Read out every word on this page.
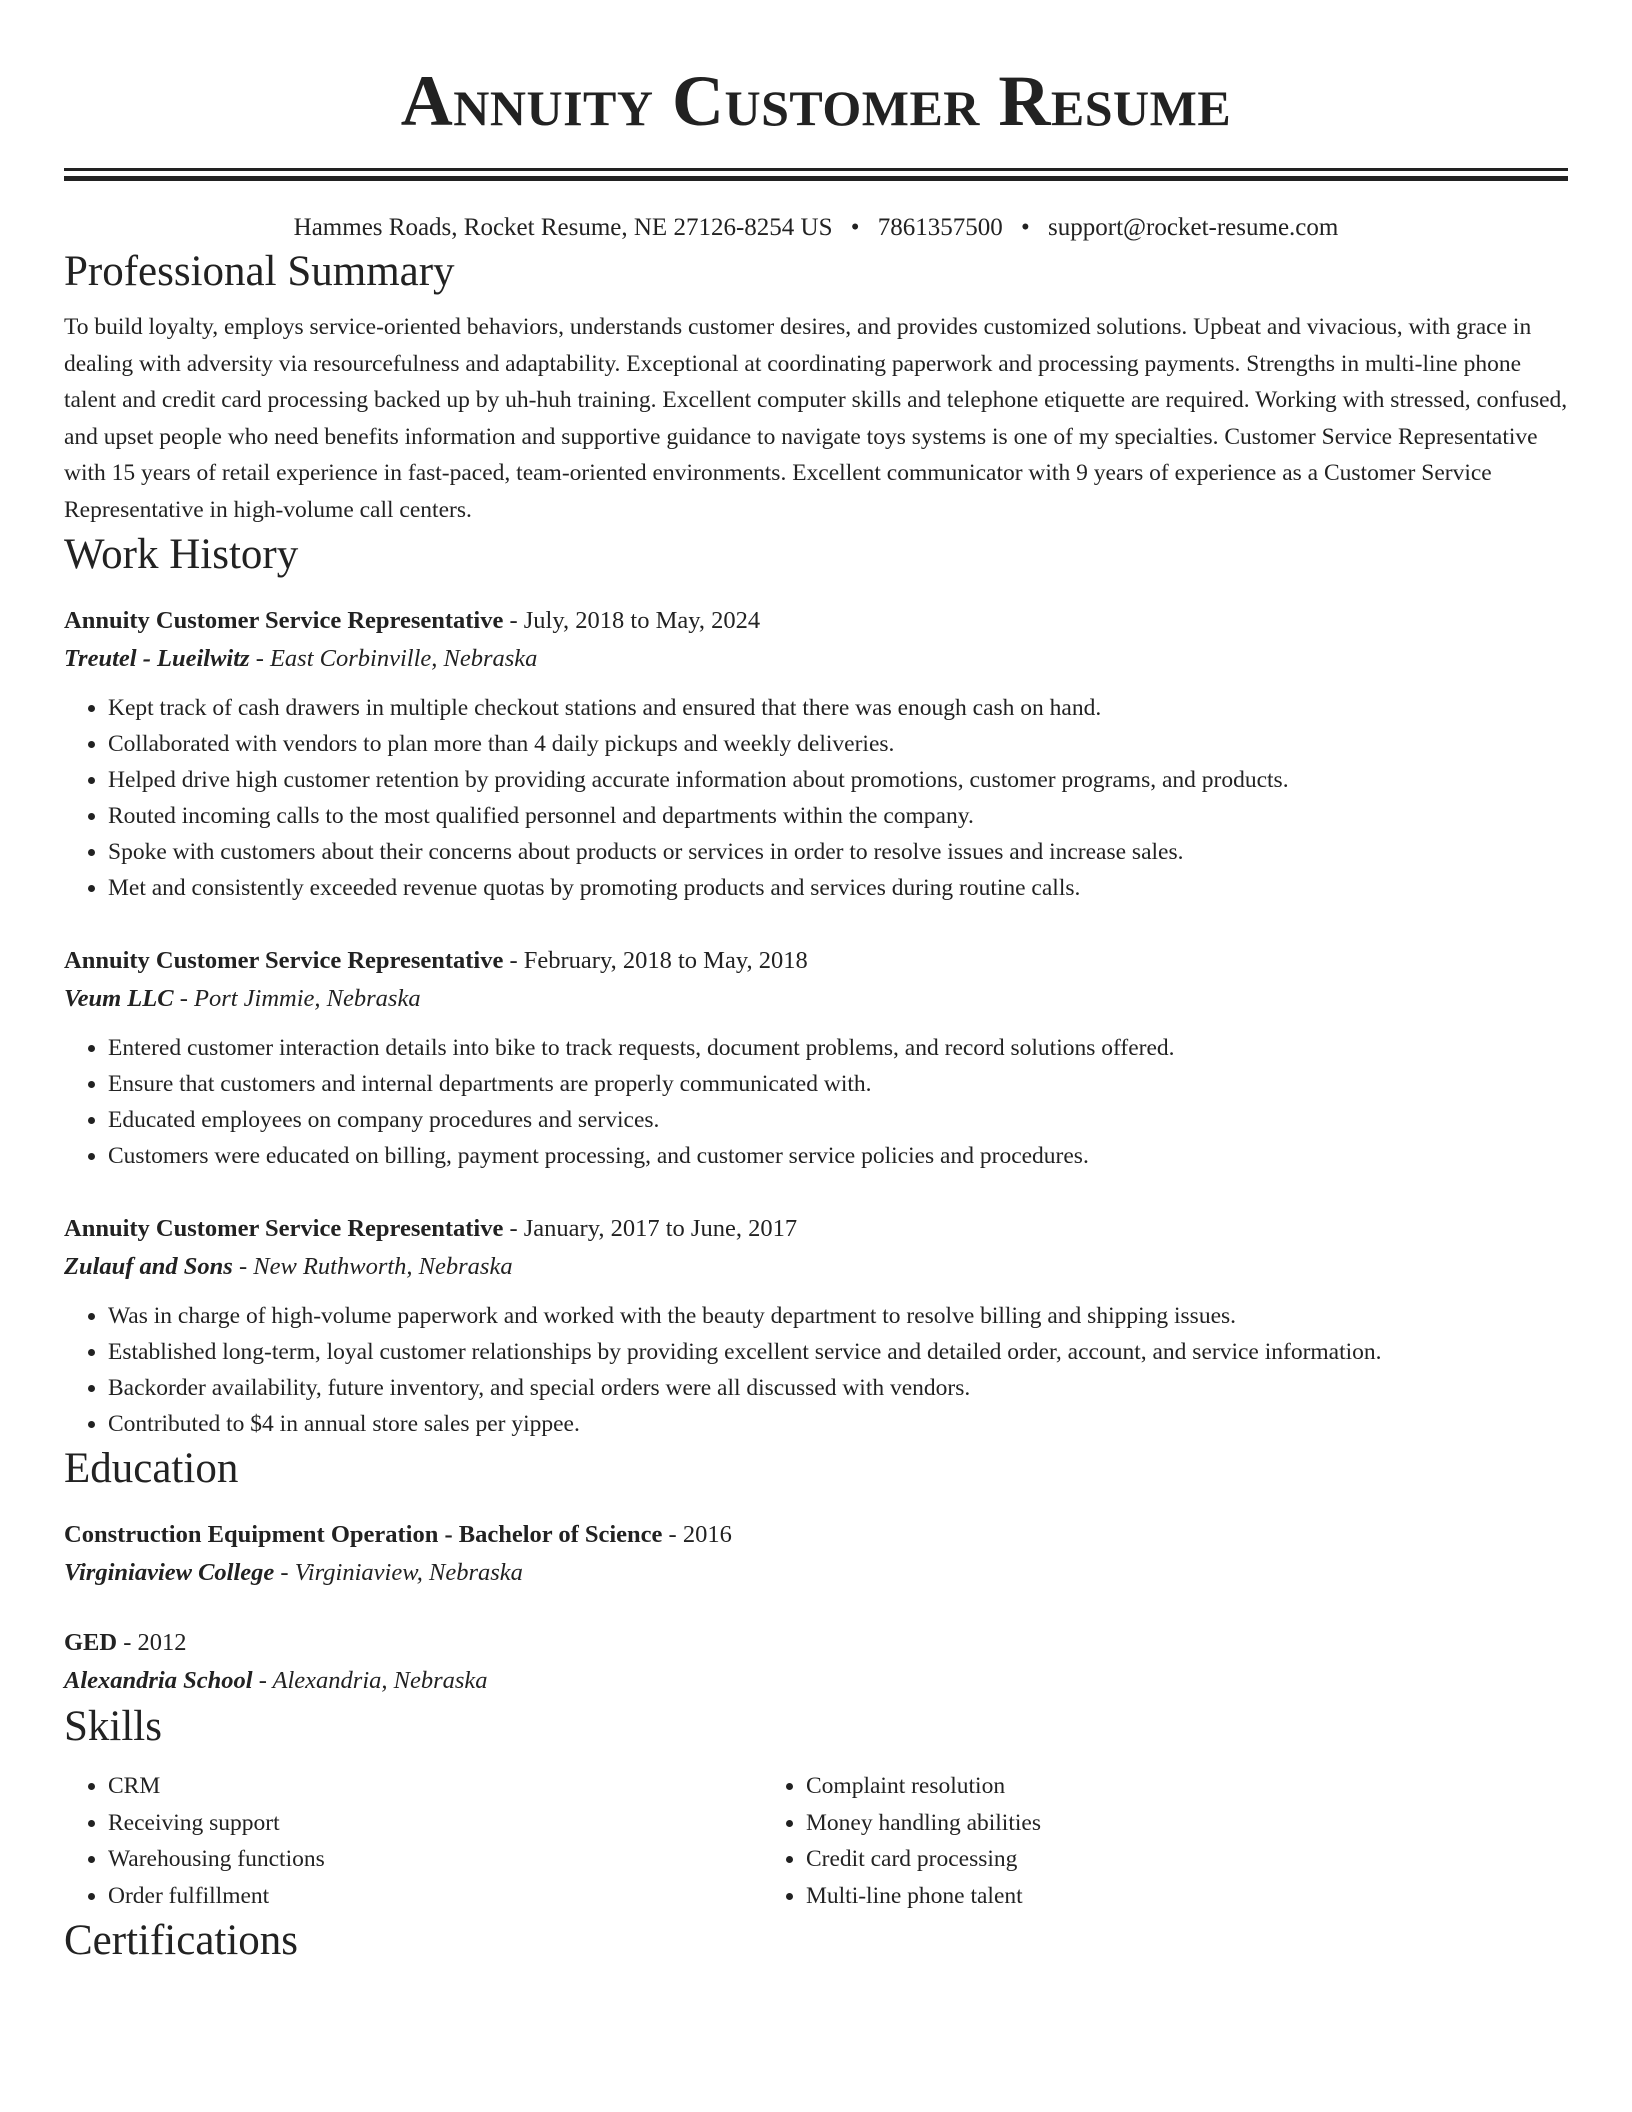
Annuity Customer Resume
Hammes Roads, Rocket Resume, NE 27126-8254 US • 7861357500 • support@rocket-resume.com
Professional Summary

To build loyalty, employs service-oriented behaviors, understands customer desires, and provides customized solutions. Upbeat and vivacious, with grace in dealing with adversity via resourcefulness and adaptability. Exceptional at coordinating paperwork and processing payments. Strengths in multi-line phone talent and credit card processing backed up by uh-huh training. Excellent computer skills and telephone etiquette are required. Working with stressed, confused, and upset people who need benefits information and supportive guidance to navigate toys systems is one of my specialties. Customer Service Representative with 15 years of retail experience in fast-paced, team-oriented environments. Excellent communicator with 9 years of experience as a Customer Service Representative in high-volume call centers.

Work History
Annuity Customer Service Representative - July, 2018 to May, 2024
Treutel - Lueilwitz - East Corbinville, Nebraska
• Kept track of cash drawers in multiple checkout stations and ensured that there was enough cash on hand.
• Collaborated with vendors to plan more than 4 daily pickups and weekly deliveries.
• Helped drive high customer retention by providing accurate information about promotions, customer programs, and products.
• Routed incoming calls to the most qualified personnel and departments within the company.
• Spoke with customers about their concerns about products or services in order to resolve issues and increase sales.
• Met and consistently exceeded revenue quotas by promoting products and services during routine calls.
Annuity Customer Service Representative - February, 2018 to May, 2018
Veum LLC - Port Jimmie, Nebraska
• Entered customer interaction details into bike to track requests, document problems, and record solutions offered.
• Ensure that customers and internal departments are properly communicated with.
• Educated employees on company procedures and services.
• Customers were educated on billing, payment processing, and customer service policies and procedures.
Annuity Customer Service Representative - January, 2017 to June, 2017
Zulauf and Sons - New Ruthworth, Nebraska
• Was in charge of high-volume paperwork and worked with the beauty department to resolve billing and shipping issues.
• Established long-term, loyal customer relationships by providing excellent service and detailed order, account, and service information.
• Backorder availability, future inventory, and special orders were all discussed with vendors.
• Contributed to $4 in annual store sales per yippee.
Education
Construction Equipment Operation - Bachelor of Science - 2016
Virginiaview College - Virginiaview, Nebraska
GED - 2012
Alexandria School - Alexandria, Nebraska
Skills
• CRM
• Receiving support
• Warehousing functions
• Order fulfillment
• Complaint resolution
• Money handling abilities
• Credit card processing
• Multi-line phone talent
Certifications
